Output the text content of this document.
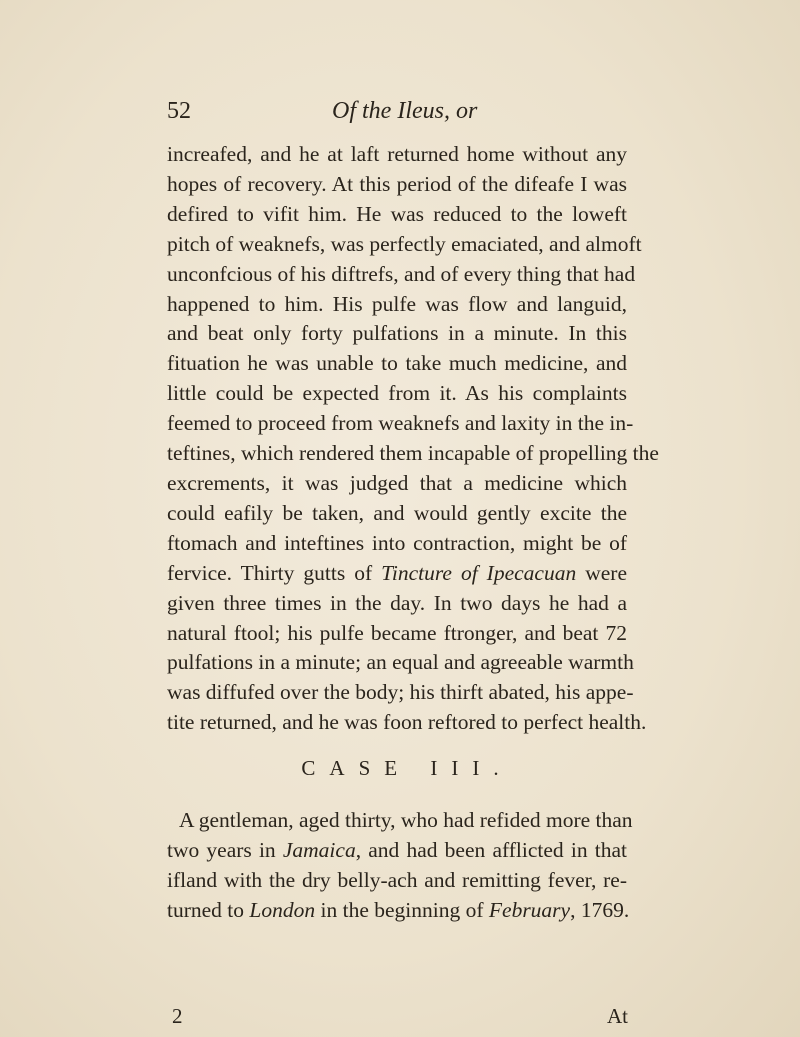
52	Of the Ileus, or

increafed, and he at laft returned home without any
hopes of recovery. At this period of the difeafe I was
defired to vifit him. He was reduced to the loweft
pitch of weaknefs, was perfectly emaciated, and almoft
unconfcious of his diftrefs, and of every thing that had
happened to him. His pulfe was flow and languid,
and beat only forty pulfations in a minute. In this
fituation he was unable to take much medicine, and
little could be expected from it. As his complaints
feemed to proceed from weaknefs and laxity in the in-
teftines, which rendered them incapable of propelling the
excrements, it was judged that a medicine which
could eafily be taken, and would gently excite the
ftomach and inteftines into contraction, might be of
fervice. Thirty gutts of Tincture of Ipecacuan were
given three times in the day. In two days he had a
natural ftool; his pulfe became ftronger, and beat 72
pulfations in a minute; an equal and agreeable warmth
was diffufed over the body; his thirft abated, his appe-
tite returned, and he was foon reftored to perfect health.

CASE III.

A gentleman, aged thirty, who had refided more than
two years in Jamaica, and had been afflicted in that
ifland with the dry belly-ach and remitting fever, re-
turned to London in the beginning of February, 1769.

2	At
